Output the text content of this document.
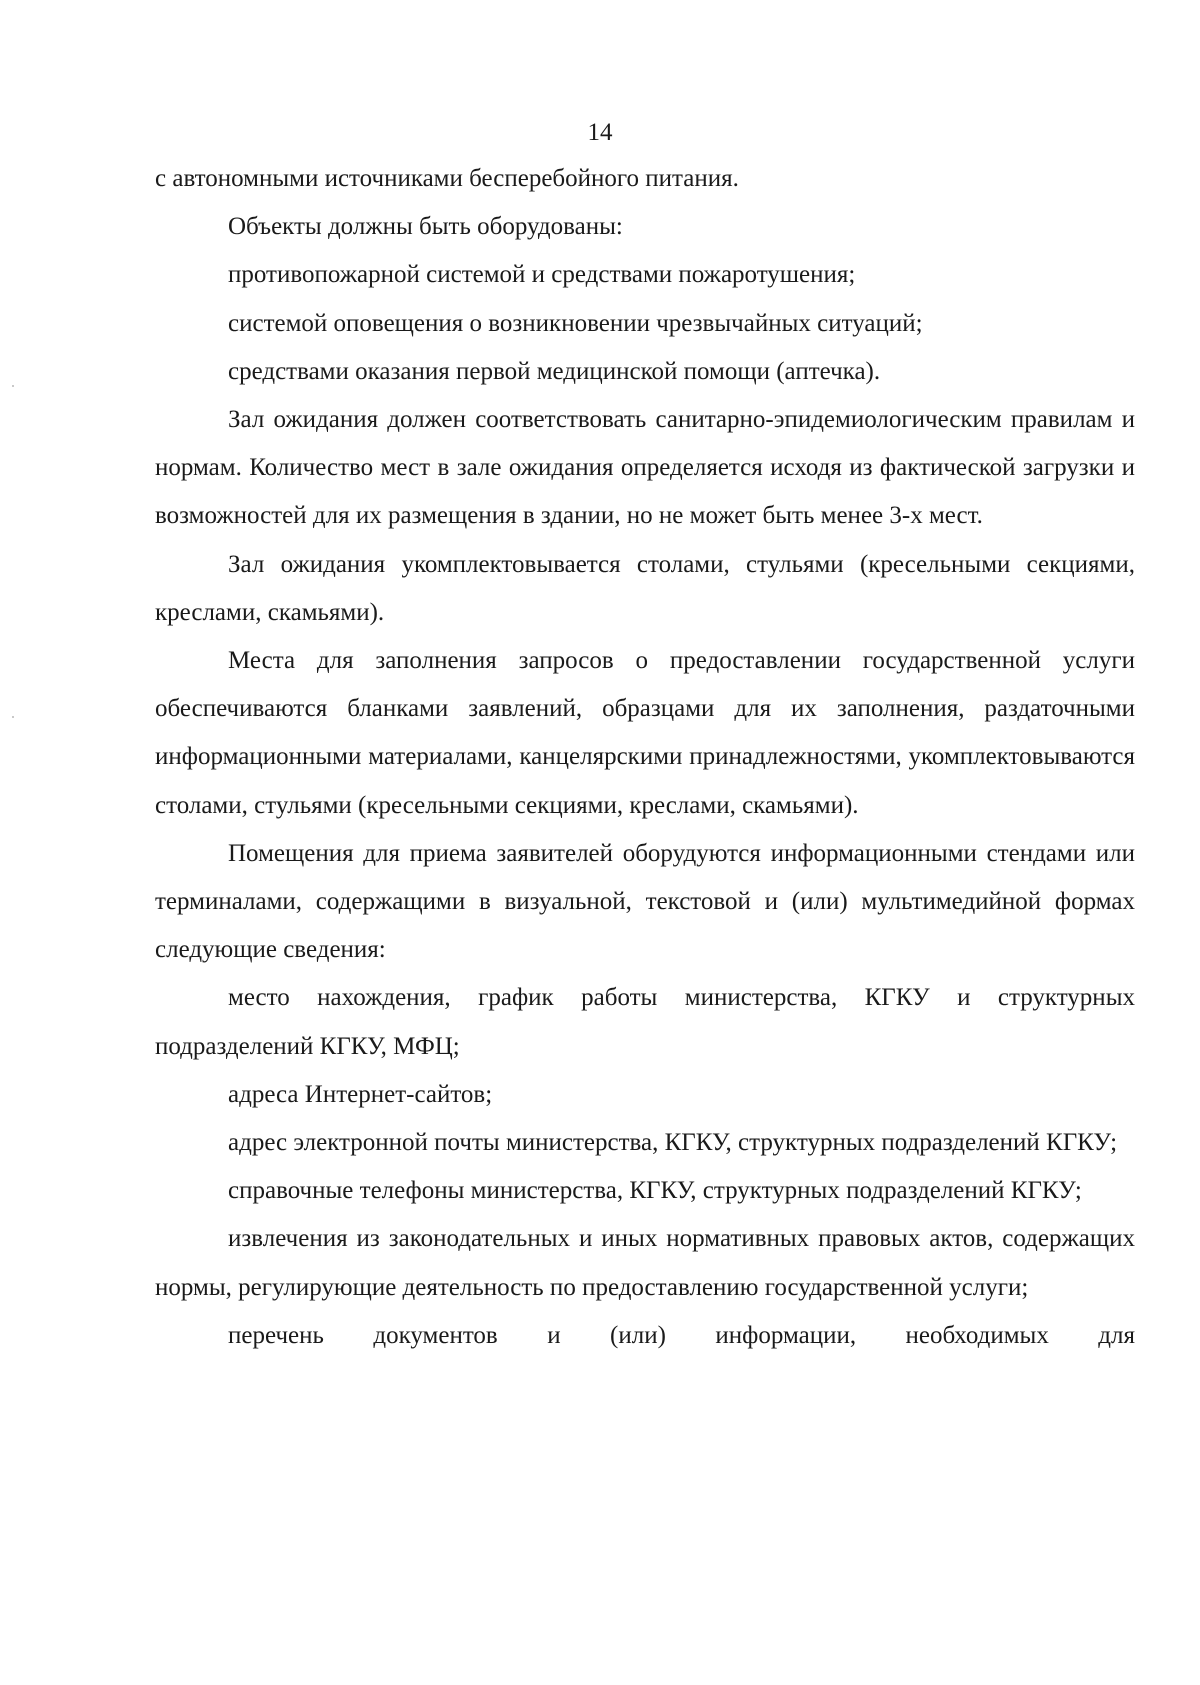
14

с автономными источниками бесперебойного питания.

Объекты должны быть оборудованы:

противопожарной системой и средствами пожаротушения;

системой оповещения о возникновении чрезвычайных ситуаций;

средствами оказания первой медицинской помощи (аптечка).

Зал ожидания должен соответствовать санитарно-эпидемиологическим правилам и нормам. Количество мест в зале ожидания определяется исходя из фактической загрузки и возможностей для их размещения в здании, но не может быть менее 3-х мест.

Зал ожидания укомплектовывается столами, стульями (кресельными секциями, креслами, скамьями).

Места для заполнения запросов о предоставлении государственной услуги обеспечиваются бланками заявлений, образцами для их заполнения, раздаточными информационными материалами, канцелярскими принадлежностями, укомплектовываются столами, стульями (кресельными секциями, креслами, скамьями).

Помещения для приема заявителей оборудуются информационными стендами или терминалами, содержащими в визуальной, текстовой и (или) мультимедийной формах следующие сведения:

место нахождения, график работы министерства, КГКУ и структурных подразделений КГКУ, МФЦ;

адреса Интернет-сайтов;

адрес электронной почты министерства, КГКУ, структурных подразделений КГКУ;

справочные телефоны министерства, КГКУ, структурных подразделений КГКУ;

извлечения из законодательных и иных нормативных правовых актов, содержащих нормы, регулирующие деятельность по предоставлению государственной услуги;

перечень документов и (или) информации, необходимых для
